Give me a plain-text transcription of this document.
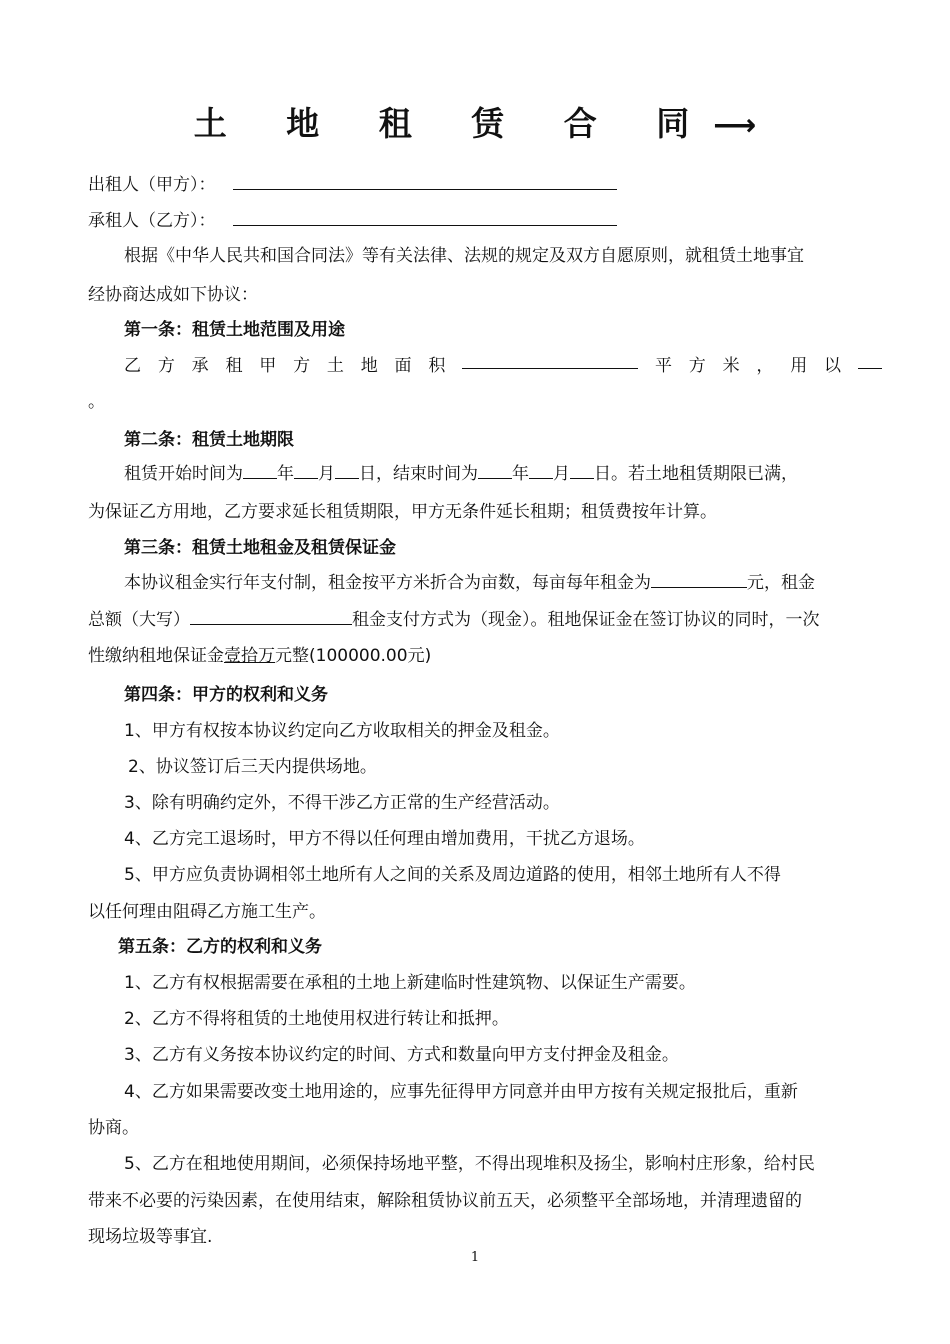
土 地 租 赁 合 同⟶
出租人（甲方）：
承租人（乙方）：
根据《中华人民共和国合同法》等有关法律、法规的规定及双方自愿原则，就租赁土地事宜
经协商达成如下协议：
第一条：租赁土地范围及用途
乙 方 承 租 甲 方 土 地 面 积	平 方 米 ， 用 以
。
第二条：租赁土地期限
租赁开始时间为 年 月 日，结束时间为 年 月 日。若土地租赁期限已满，
为保证乙方用地，乙方要求延长租赁期限，甲方无条件延长租期；租赁费按年计算。
第三条：租赁土地租金及租赁保证金
本协议租金实行年支付制，租金按平方米折合为亩数，每亩每年租金为	元，租金
总额（大写）	租金支付方式为（现金）。租地保证金在签订协议的同时，一次
性缴纳租地保证金壹拾万元整(100000.00元)
第四条：甲方的权利和义务
1、甲方有权按本协议约定向乙方收取相关的押金及租金。
2、协议签订后三天内提供场地。
3、除有明确约定外，不得干涉乙方正常的生产经营活动。
4、乙方完工退场时，甲方不得以任何理由增加费用，干扰乙方退场。
5、甲方应负责协调相邻土地所有人之间的关系及周边道路的使用，相邻土地所有人不得
以任何理由阻碍乙方施工生产。
第五条：乙方的权利和义务
1、乙方有权根据需要在承租的土地上新建临时性建筑物、以保证生产需要。
2、乙方不得将租赁的土地使用权进行转让和抵押。
3、乙方有义务按本协议约定的时间、方式和数量向甲方支付押金及租金。
4、乙方如果需要改变土地用途的，应事先征得甲方同意并由甲方按有关规定报批后，重新
协商。
5、乙方在租地使用期间，必须保持场地平整，不得出现堆积及扬尘，影响村庄形象，给村民
带来不必要的污染因素，在使用结束，解除租赁协议前五天，必须整平全部场地，并清理遗留的
现场垃圾等事宜.
1
